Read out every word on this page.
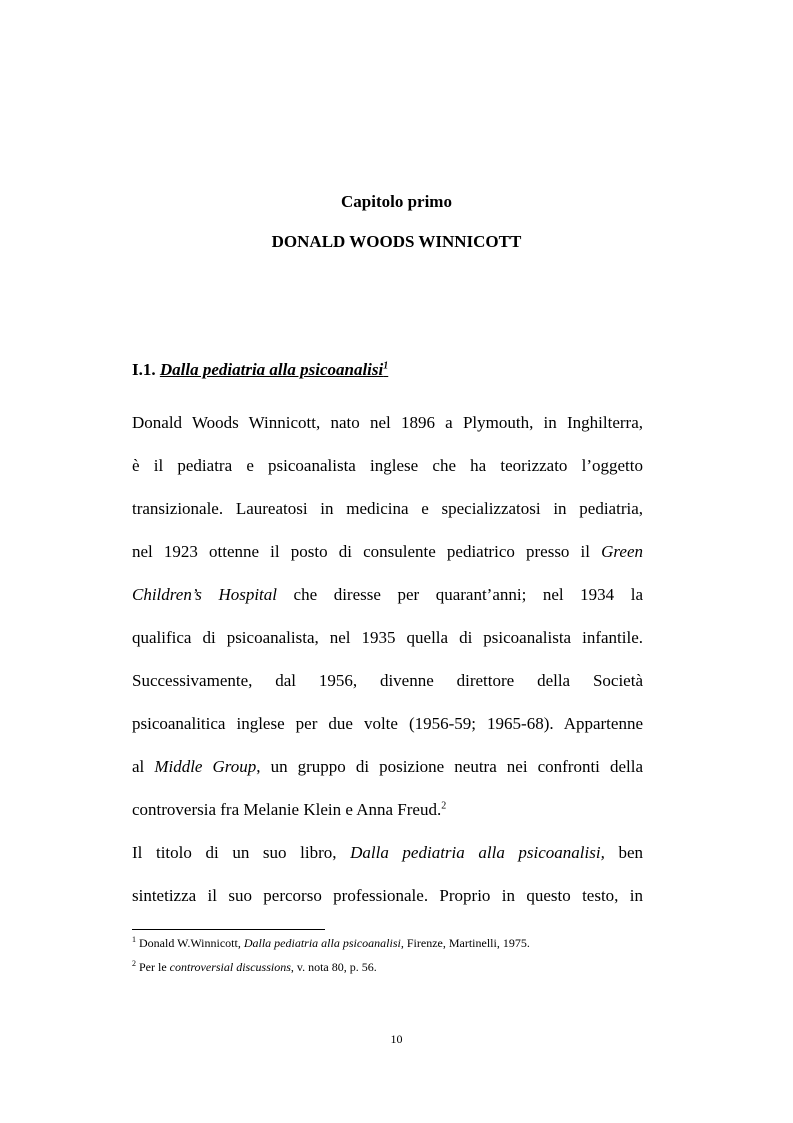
Capitolo primo
DONALD WOODS WINNICOTT
I.1. Dalla pediatria alla psicoanalisi$^1$
Donald Woods Winnicott, nato nel 1896 a Plymouth, in Inghilterra,
è il pediatra e psicoanalista inglese che ha teorizzato l’oggetto
transizionale. Laureatosi in medicina e specializzatosi in pediatria,
nel 1923 ottenne il posto di consulente pediatrico presso il Green
Children’s Hospital che diresse per quarant’anni; nel 1934 la
qualifica di psicoanalista, nel 1935 quella di psicoanalista infantile.
Successivamente, dal 1956, divenne direttore della Società
psicoanalitica inglese per due volte (1956-59; 1965-68). Appartenne
al Middle Group, un gruppo di posizione neutra nei confronti della
controversia fra Melanie Klein e Anna Freud.$^2$
Il titolo di un suo libro, Dalla pediatria alla psicoanalisi, ben
sintetizza il suo percorso professionale. Proprio in questo testo, in
$^1$ Donald W.Winnicott, Dalla pediatria alla psicoanalisi, Firenze, Martinelli, 1975.
$^2$ Per le controversial discussions, v. nota 80, p. 56.
10
